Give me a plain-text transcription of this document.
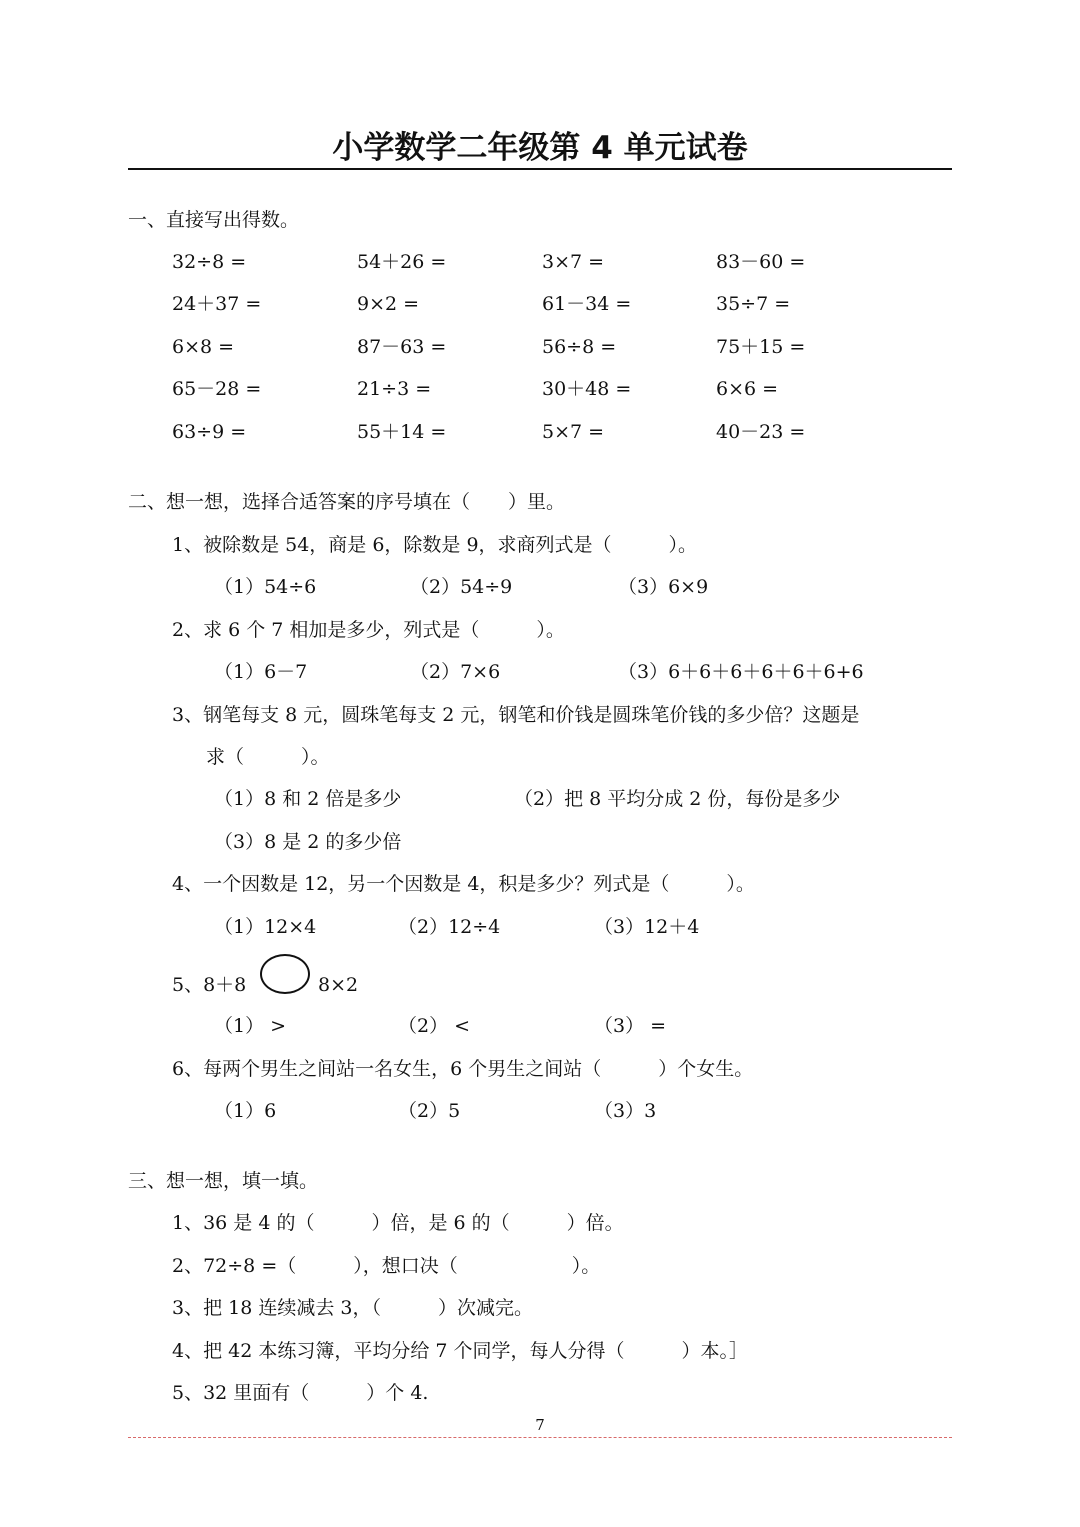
小学数学二年级第 4 单元试卷
一、直接写出得数。
32÷8 =	54＋26 =	3×7 =	83－60 =
24＋37 =	9×2 =	61－34 =	35÷7 =
6×8 =	87－63 =	56÷8 =	75＋15 =
65－28 =	21÷3 =	30＋48 =	6×6 =
63÷9 =	55＋14 =	5×7 =	40－23 =
二、想一想，选择合适答案的序号填在（　　）里。
1、被除数是 54，商是 6，除数是 9，求商列式是（　　　）。
（1）54÷6	（2）54÷9	（3）6×9
2、求 6 个 7 相加是多少，列式是（　　　）。
（1）6－7	（2）7×6	（3）6＋6＋6＋6＋6＋6+6
3、钢笔每支 8 元，圆珠笔每支 2 元，钢笔和价钱是圆珠笔价钱的多少倍？这题是
求（　　　）。
（1）8 和 2 倍是多少	（2）把 8 平均分成 2 份，每份是多少
（3）8 是 2 的多少倍
4、一个因数是 12，另一个因数是 4，积是多少？列式是（　　　）。
（1）12×4	（2）12÷4	（3）12＋4
5、8＋8	8×2
（1） >	（2） <	（3） =
6、每两个男生之间站一名女生，6 个男生之间站（　　　）个女生。
（1）6	（2）5	（3）3
三、想一想，填一填。
1、36 是 4 的（　　　）倍，是 6 的（　　　）倍。
2、72÷8 =（　　　），想口决（　　　　　　）。
3、把 18 连续减去 3，（　　　）次减完。
4、把 42 本练习簿，平均分给 7 个同学，每人分得（　　　）本。］
5、32 里面有（　　　）个 4.
7
